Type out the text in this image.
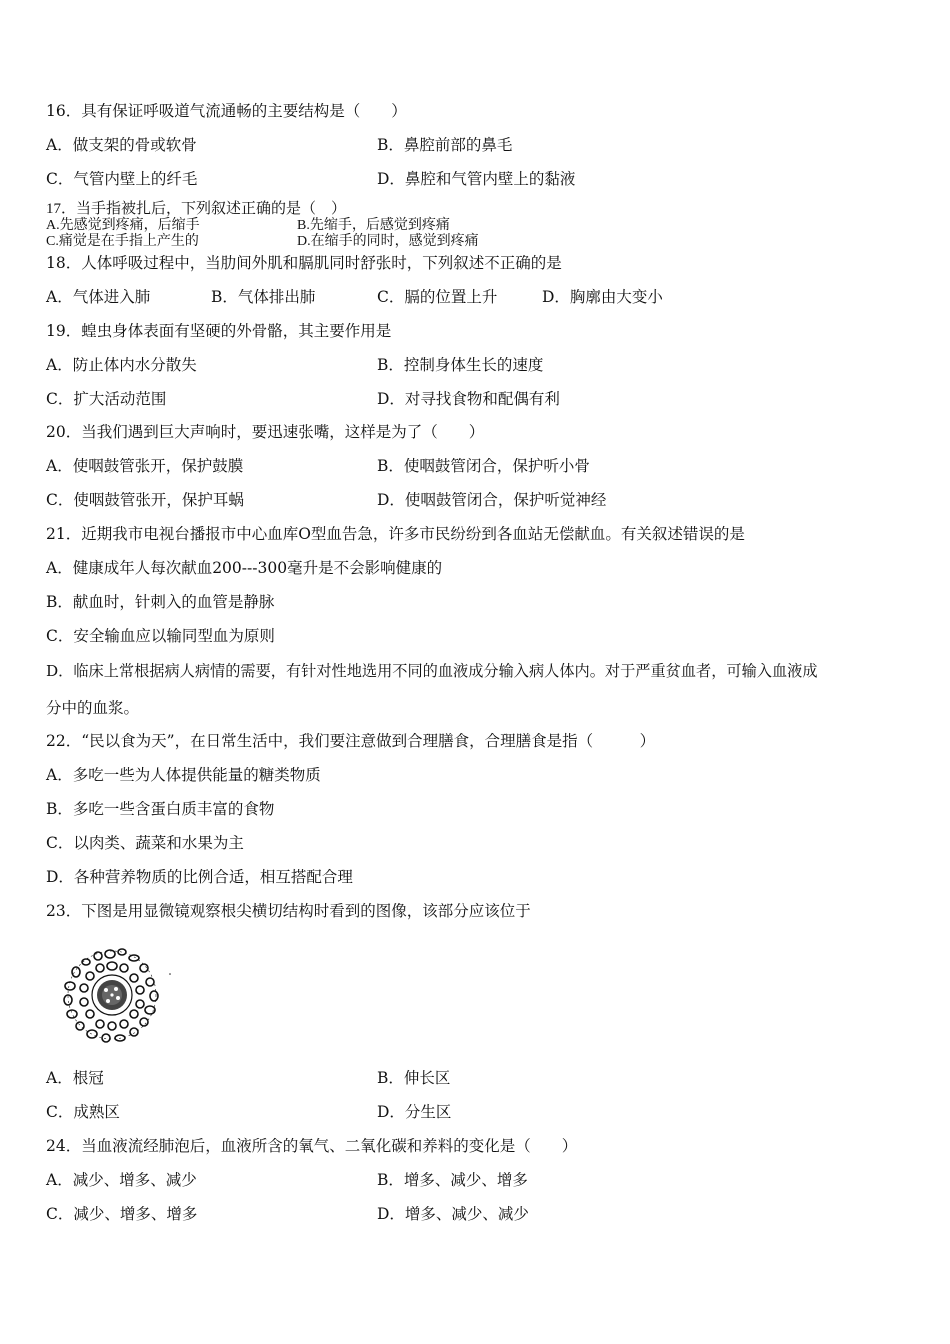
16．具有保证呼吸道气流通畅的主要结构是（　　）
A．做支架的骨或软骨	B．鼻腔前部的鼻毛
C．气管内壁上的纤毛	D．鼻腔和气管内壁上的黏液
17．当手指被扎后，下列叙述正确的是（　）
A.先感觉到疼痛，后缩手	B.先缩手，后感觉到疼痛
C.痛觉是在手指上产生的	D.在缩手的同时，感觉到疼痛
18．人体呼吸过程中，当肋间外肌和膈肌同时舒张时，下列叙述不正确的是
A．气体进入肺	B．气体排出肺	C．膈的位置上升	D．胸廓由大变小
19．蝗虫身体表面有坚硬的外骨骼，其主要作用是
A．防止体内水分散失	B．控制身体生长的速度
C．扩大活动范围	D．对寻找食物和配偶有利
20．当我们遇到巨大声响时，要迅速张嘴，这样是为了（　　）
A．使咽鼓管张开，保护鼓膜	B．使咽鼓管闭合，保护听小骨
C．使咽鼓管张开，保护耳蜗	D．使咽鼓管闭合，保护听觉神经
21．近期我市电视台播报市中心血库O型血告急，许多市民纷纷到各血站无偿献血。有关叙述错误的是
A．健康成年人每次献血200---300毫升是不会影响健康的
B．献血时，针刺入的血管是静脉
C．安全输血应以输同型血为原则
D．临床上常根据病人病情的需要，有针对性地选用不同的血液成分输入病人体内。对于严重贫血者，可输入血液成
分中的血浆。
22．“民以食为天”，在日常生活中，我们要注意做到合理膳食，合理膳食是指（　　　）
A．多吃一些为人体提供能量的糖类物质
B．多吃一些含蛋白质丰富的食物
C．以肉类、蔬菜和水果为主
D．各种营养物质的比例合适，相互搭配合理
23．下图是用显微镜观察根尖横切结构时看到的图像，该部分应该位于
A．根冠	B．伸长区
C．成熟区	D．分生区
24．当血液流经肺泡后，血液所含的氧气、二氧化碳和养料的变化是（　　）
A．减少、增多、减少	B．增多、减少、增多
C．减少、增多、增多	D．增多、减少、减少
